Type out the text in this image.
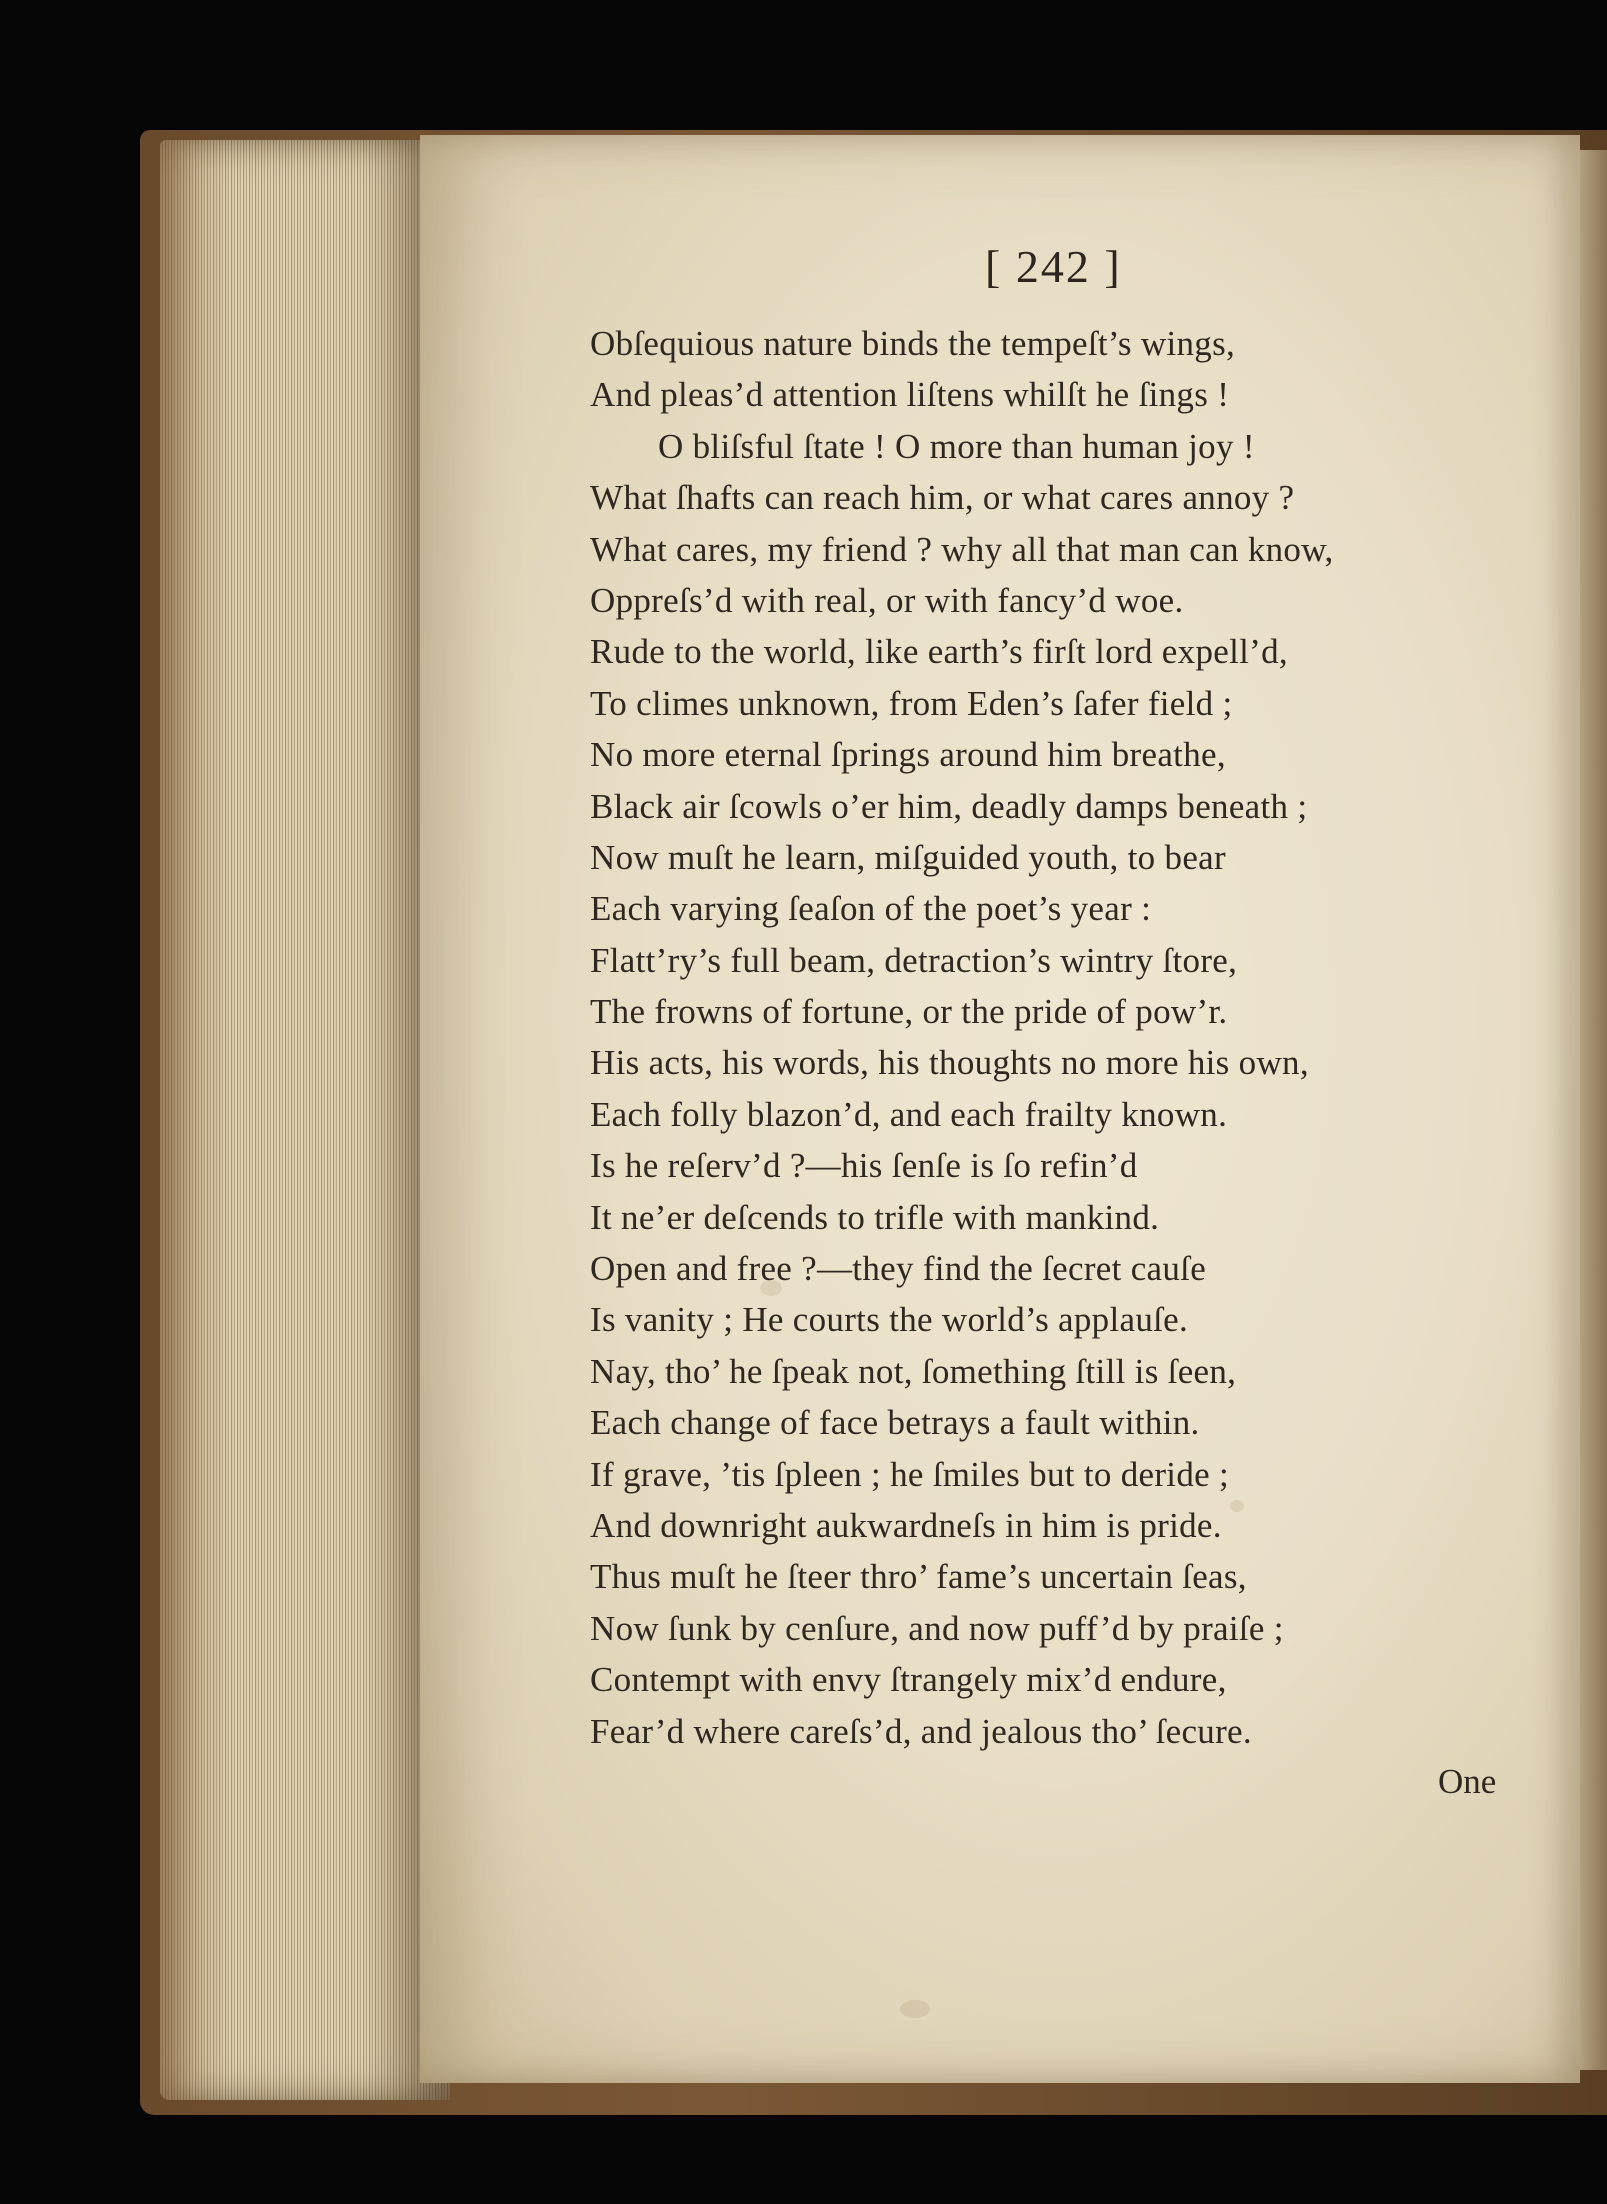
[ 242 ]
Obſequious nature binds the tempeſt’s wings,
And pleas’d attention liſtens whilſt he ſings !
O bliſsful ſtate ! O more than human joy !
What ſhafts can reach him, or what cares annoy ?
What cares, my friend ? why all that man can know,
Oppreſs’d with real, or with fancy’d woe.
Rude to the world, like earth’s firſt lord expell’d,
To climes unknown, from Eden’s ſafer field ;
No more eternal ſprings around him breathe,
Black air ſcowls o’er him, deadly damps beneath ;
Now muſt he learn, miſguided youth, to bear
Each varying ſeaſon of the poet’s year :
Flatt’ry’s full beam, detraction’s wintry ſtore,
The frowns of fortune, or the pride of pow’r.
His acts, his words, his thoughts no more his own,
Each folly blazon’d, and each frailty known.
Is he reſerv’d ?—his ſenſe is ſo refin’d
It ne’er deſcends to trifle with mankind.
Open and free ?—they find the ſecret cauſe
Is vanity ; He courts the world’s applauſe.
Nay, tho’ he ſpeak not, ſomething ſtill is ſeen,
Each change of face betrays a fault within.
If grave, ’tis ſpleen ; he ſmiles but to deride ;
And downright aukwardneſs in him is pride.
Thus muſt he ſteer thro’ fame’s uncertain ſeas,
Now ſunk by cenſure, and now puff’d by praiſe ;
Contempt with envy ſtrangely mix’d endure,
Fear’d where careſs’d, and jealous tho’ ſecure.
One
